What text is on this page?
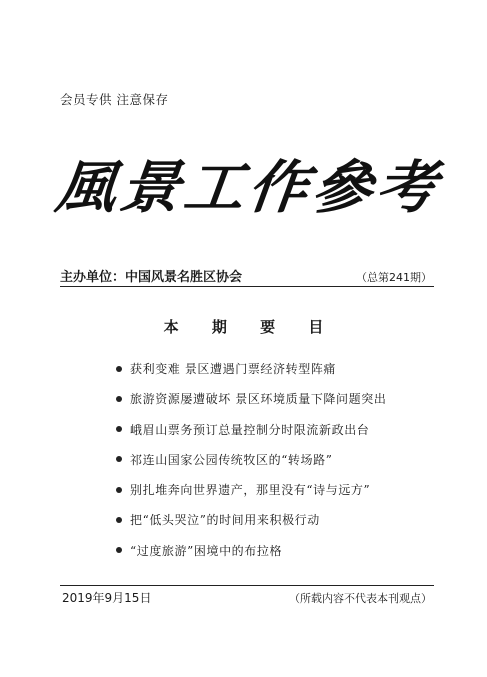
会员专供 注意保存
風景工作參考
主办单位：中国风景名胜区协会	（总第241期）
本 期 要 目
获利变难 景区遭遇门票经济转型阵痛
旅游资源屡遭破坏 景区环境质量下降问题突出
峨眉山票务预订总量控制分时限流新政出台
祁连山国家公园传统牧区的“转场路”
别扎堆奔向世界遗产，那里没有“诗与远方”
把“低头哭泣”的时间用来积极行动
“过度旅游”困境中的布拉格
2019年9月15日	（所载内容不代表本刊观点）
